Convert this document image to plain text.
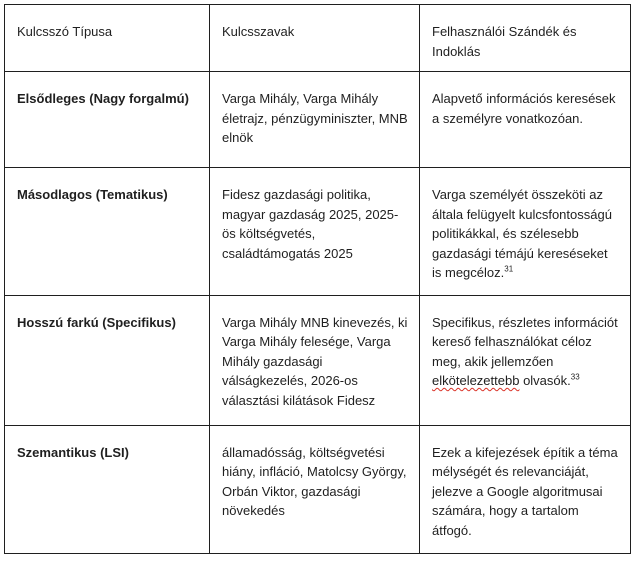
Kulcsszó Típusa	Kulcsszavak	Felhasználói Szándék és Indoklás
Elsődleges (Nagy forgalmú)	Varga Mihály, Varga Mihály életrajz, pénzügyminiszter, MNB elnök	Alapvető információs keresések a személyre vonatkozóan.
Másodlagos (Tematikus)	Fidesz gazdasági politika, magyar gazdaság 2025, 2025-ös költségvetés, családtámogatás 2025	Varga személyét összeköti az általa felügyelt kulcsfontosságú politikákkal, és szélesebb gazdasági témájú kereséseket is megcéloz.$^{31}$
Hosszú farkú (Specifikus)	Varga Mihály MNB kinevezés, ki Varga Mihály felesége, Varga Mihály gazdasági válságkezelés, 2026-os választási kilátások Fidesz	Specifikus, részletes információt kereső felhasználókat céloz meg, akik jellemzően elkötelezettebb olvasók.$^{33}$
Szemantikus (LSI)	államadósság, költségvetési hiány, infláció, Matolcsy György, Orbán Viktor, gazdasági növekedés	Ezek a kifejezések építik a téma mélységét és relevanciáját, jelezve a Google algoritmusai számára, hogy a tartalom átfogó.
